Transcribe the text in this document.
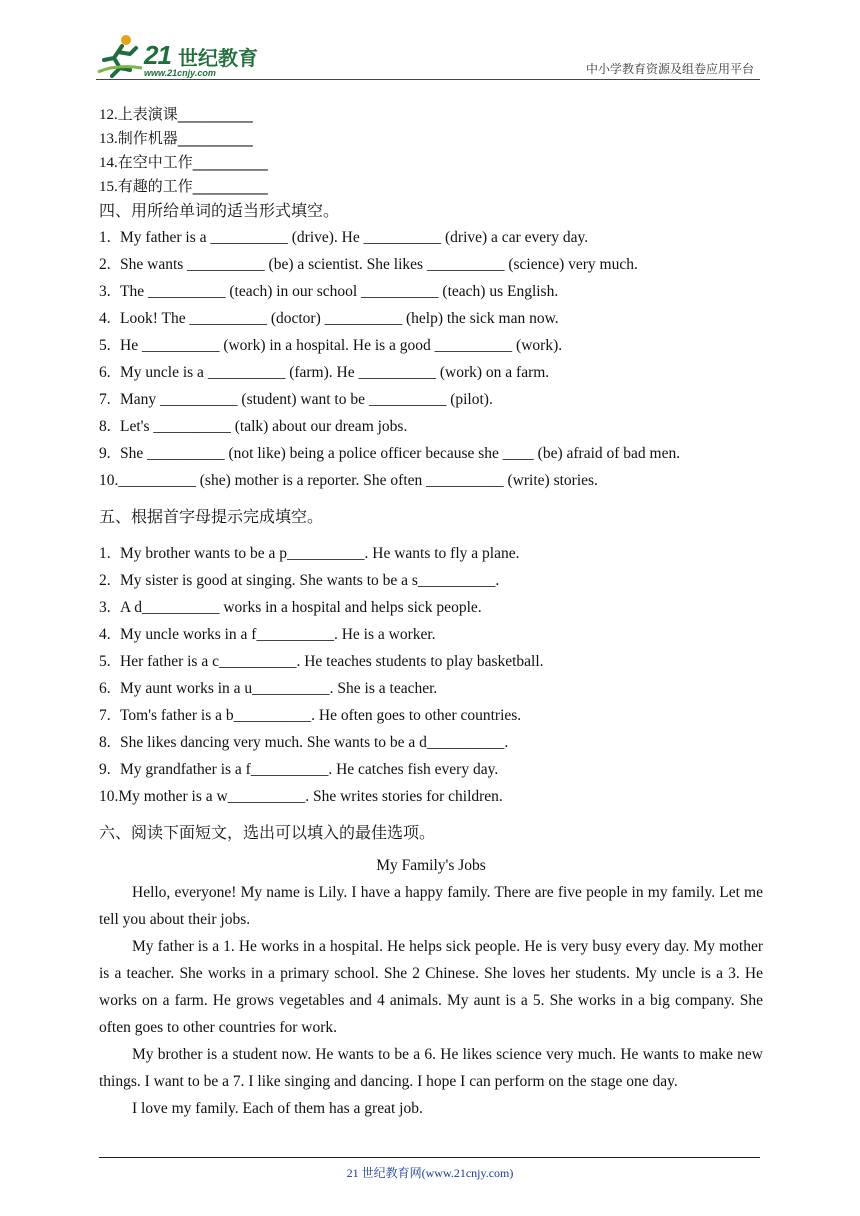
21 世纪教育
www.21cnjy.com	中小学教育资源及组卷应用平台
12.上表演课__________
13.制作机器__________
14.在空中工作__________
15.有趣的工作__________
四、用所给单词的适当形式填空。
1. My father is a __________ (drive). He __________ (drive) a car every day.
2. She wants __________ (be) a scientist. She likes __________ (science) very much.
3. The __________ (teach) in our school __________ (teach) us English.
4. Look! The __________ (doctor) __________ (help) the sick man now.
5. He __________ (work) in a hospital. He is a good __________ (work).
6. My uncle is a __________ (farm). He __________ (work) on a farm.
7. Many __________ (student) want to be __________ (pilot).
8. Let's __________ (talk) about our dream jobs.
9. She __________ (not like) being a police officer because she ____ (be) afraid of bad men.
10.__________ (she) mother is a reporter. She often __________ (write) stories.
五、根据首字母提示完成填空。
1. My brother wants to be a p__________. He wants to fly a plane.
2. My sister is good at singing. She wants to be a s__________.
3. A d__________ works in a hospital and helps sick people.
4. My uncle works in a f__________. He is a worker.
5. Her father is a c__________. He teaches students to play basketball.
6. My aunt works in a u__________. She is a teacher.
7. Tom's father is a b__________. He often goes to other countries.
8. She likes dancing very much. She wants to be a d__________.
9. My grandfather is a f__________. He catches fish every day.
10.My mother is a w__________. She writes stories for children.
六、阅读下面短文，选出可以填入的最佳选项。
My Family's Jobs

Hello, everyone! My name is Lily. I have a happy family. There are five people in my family. Let me tell you about their jobs.

My father is a 1. He works in a hospital. He helps sick people. He is very busy every day. My mother is a teacher. She works in a primary school. She 2 Chinese. She loves her students. My uncle is a 3. He works on a farm. He grows vegetables and 4 animals. My aunt is a 5. She works in a big company. She often goes to other countries for work.

My brother is a student now. He wants to be a 6. He likes science very much. He wants to make new things. I want to be a 7. I like singing and dancing. I hope I can perform on the stage one day.

I love my family. Each of them has a great job.

21 世纪教育网(www.21cnjy.com)
